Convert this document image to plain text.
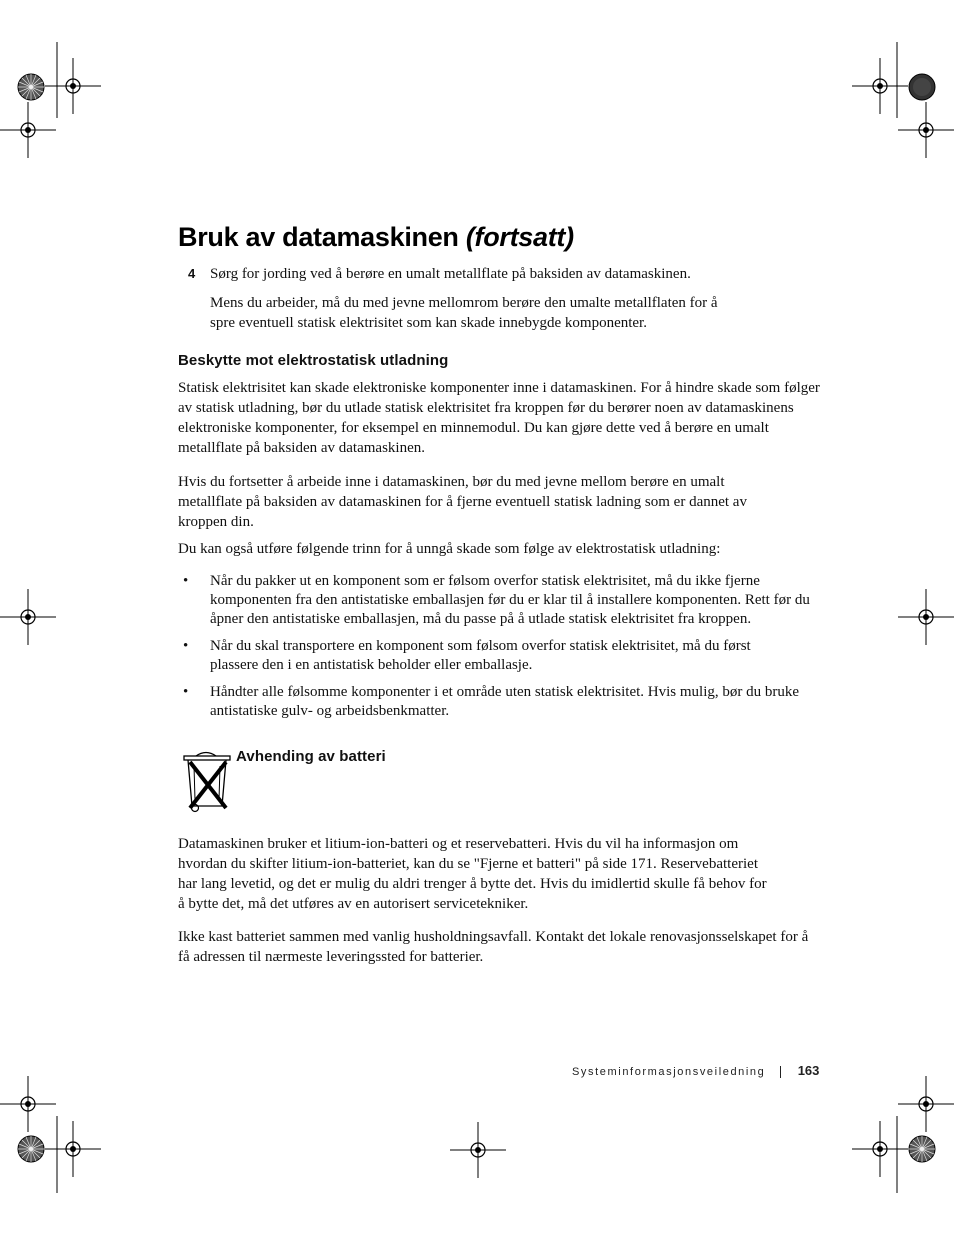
Bruk av datamaskinen (fortsatt)
4 Sørg for jording ved å berøre en umalt metallflate på baksiden av datamaskinen.

Mens du arbeider, må du med jevne mellomrom berøre den umalte metallflaten for å spre eventuell statisk elektrisitet som kan skade innebygde komponenter.

Beskytte mot elektrostatisk utladning

Statisk elektrisitet kan skade elektroniske komponenter inne i datamaskinen. For å hindre skade som følger av statisk utladning, bør du utlade statisk elektrisitet fra kroppen før du berører noen av datamaskinens elektroniske komponenter, for eksempel en minnemodul. Du kan gjøre dette ved å berøre en umalt metallflate på baksiden av datamaskinen.

Hvis du fortsetter å arbeide inne i datamaskinen, bør du med jevne mellom berøre en umalt metallflate på baksiden av datamaskinen for å fjerne eventuell statisk ladning som er dannet av kroppen din.

Du kan også utføre følgende trinn for å unngå skade som følge av elektrostatisk utladning:

• Når du pakker ut en komponent som er følsom overfor statisk elektrisitet, må du ikke fjerne komponenten fra den antistatiske emballasjen før du er klar til å installere komponenten. Rett før du åpner den antistatiske emballasjen, må du passe på å utlade statisk elektrisitet fra kroppen.
• Når du skal transportere en komponent som følsom overfor statisk elektrisitet, må du først plassere den i en antistatisk beholder eller emballasje.
• Håndter alle følsomme komponenter i et område uten statisk elektrisitet. Hvis mulig, bør du bruke antistatiske gulv- og arbeidsbenkmatter.
Avhending av batteri

Datamaskinen bruker et litium-ion-batteri og et reservebatteri. Hvis du vil ha informasjon om hvordan du skifter litium-ion-batteriet, kan du se "Fjerne et batteri" på side 171. Reservebatteriet har lang levetid, og det er mulig du aldri trenger å bytte det. Hvis du imidlertid skulle få behov for å bytte det, må det utføres av en autorisert servicetekniker.

Ikke kast batteriet sammen med vanlig husholdningsavfall. Kontakt det lokale renovasjonsselskapet for å få adressen til nærmeste leveringssted for batterier.

Systeminformasjonsveiledning 163
